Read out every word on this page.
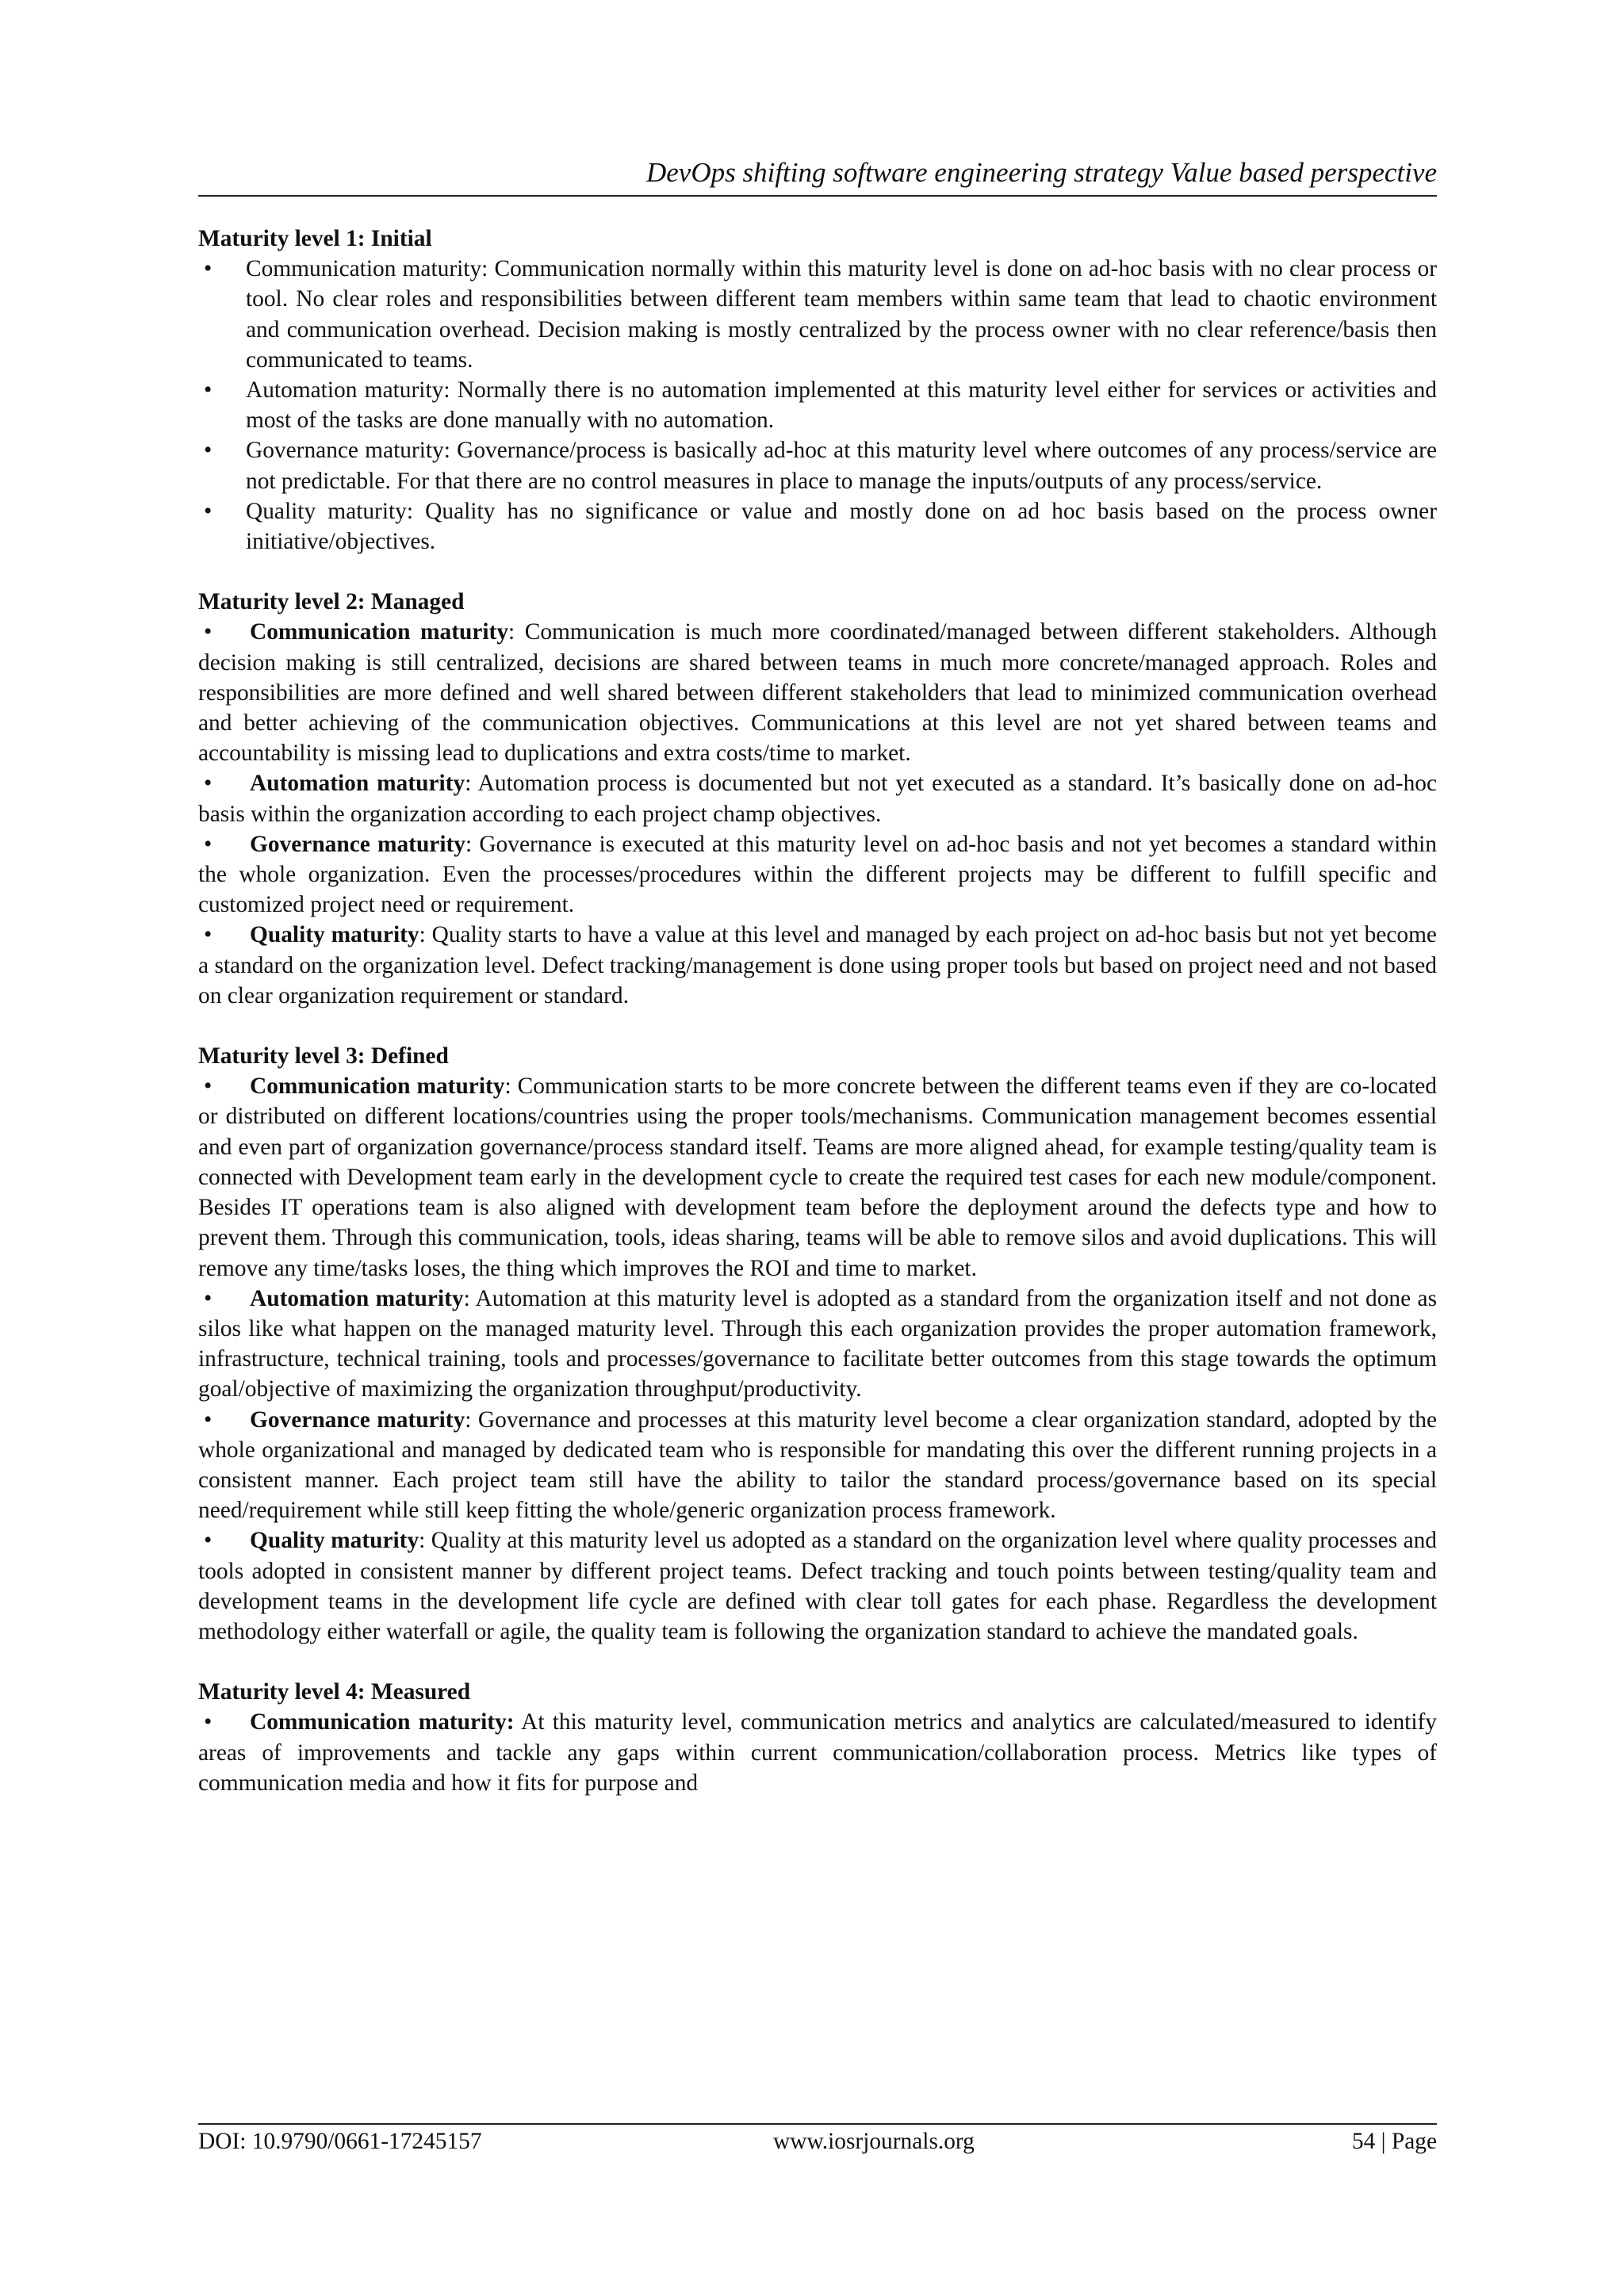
DevOps shifting software engineering strategy Value based perspective

Maturity level 1: Initial

• Communication maturity: Communication normally within this maturity level is done on ad-hoc basis with no clear process or tool. No clear roles and responsibilities between different team members within same team that lead to chaotic environment and communication overhead. Decision making is mostly centralized by the process owner with no clear reference/basis then communicated to teams.
• Automation maturity: Normally there is no automation implemented at this maturity level either for services or activities and most of the tasks are done manually with no automation.
• Governance maturity: Governance/process is basically ad-hoc at this maturity level where outcomes of any process/service are not predictable. For that there are no control measures in place to manage the inputs/outputs of any process/service.
• Quality maturity: Quality has no significance or value and mostly done on ad hoc basis based on the process owner initiative/objectives.

Maturity level 2: Managed

• Communication maturity: Communication is much more coordinated/managed between different stakeholders. Although decision making is still centralized, decisions are shared between teams in much more concrete/managed approach. Roles and responsibilities are more defined and well shared between different stakeholders that lead to minimized communication overhead and better achieving of the communication objectives. Communications at this level are not yet shared between teams and accountability is missing lead to duplications and extra costs/time to market.
• Automation maturity: Automation process is documented but not yet executed as a standard. It’s basically done on ad-hoc basis within the organization according to each project champ objectives.
• Governance maturity: Governance is executed at this maturity level on ad-hoc basis and not yet becomes a standard within the whole organization. Even the processes/procedures within the different projects may be different to fulfill specific and customized project need or requirement.
• Quality maturity: Quality starts to have a value at this level and managed by each project on ad-hoc basis but not yet become a standard on the organization level. Defect tracking/management is done using proper tools but based on project need and not based on clear organization requirement or standard.

Maturity level 3: Defined

• Communication maturity: Communication starts to be more concrete between the different teams even if they are co-located or distributed on different locations/countries using the proper tools/mechanisms. Communication management becomes essential and even part of organization governance/process standard itself. Teams are more aligned ahead, for example testing/quality team is connected with Development team early in the development cycle to create the required test cases for each new module/component. Besides IT operations team is also aligned with development team before the deployment around the defects type and how to prevent them. Through this communication, tools, ideas sharing, teams will be able to remove silos and avoid duplications. This will remove any time/tasks loses, the thing which improves the ROI and time to market.
• Automation maturity: Automation at this maturity level is adopted as a standard from the organization itself and not done as silos like what happen on the managed maturity level. Through this each organization provides the proper automation framework, infrastructure, technical training, tools and processes/governance to facilitate better outcomes from this stage towards the optimum goal/objective of maximizing the organization throughput/productivity.
• Governance maturity: Governance and processes at this maturity level become a clear organization standard, adopted by the whole organizational and managed by dedicated team who is responsible for mandating this over the different running projects in a consistent manner. Each project team still have the ability to tailor the standard process/governance based on its special need/requirement while still keep fitting the whole/generic organization process framework.
• Quality maturity: Quality at this maturity level us adopted as a standard on the organization level where quality processes and tools adopted in consistent manner by different project teams. Defect tracking and touch points between testing/quality team and development teams in the development life cycle are defined with clear toll gates for each phase. Regardless the development methodology either waterfall or agile, the quality team is following the organization standard to achieve the mandated goals.

Maturity level 4: Measured

• Communication maturity: At this maturity level, communication metrics and analytics are calculated/measured to identify areas of improvements and tackle any gaps within current communication/collaboration process. Metrics like types of communication media and how it fits for purpose and
DOI: 10.9790/0661-17245157	www.iosrjournals.org	54 | Page
